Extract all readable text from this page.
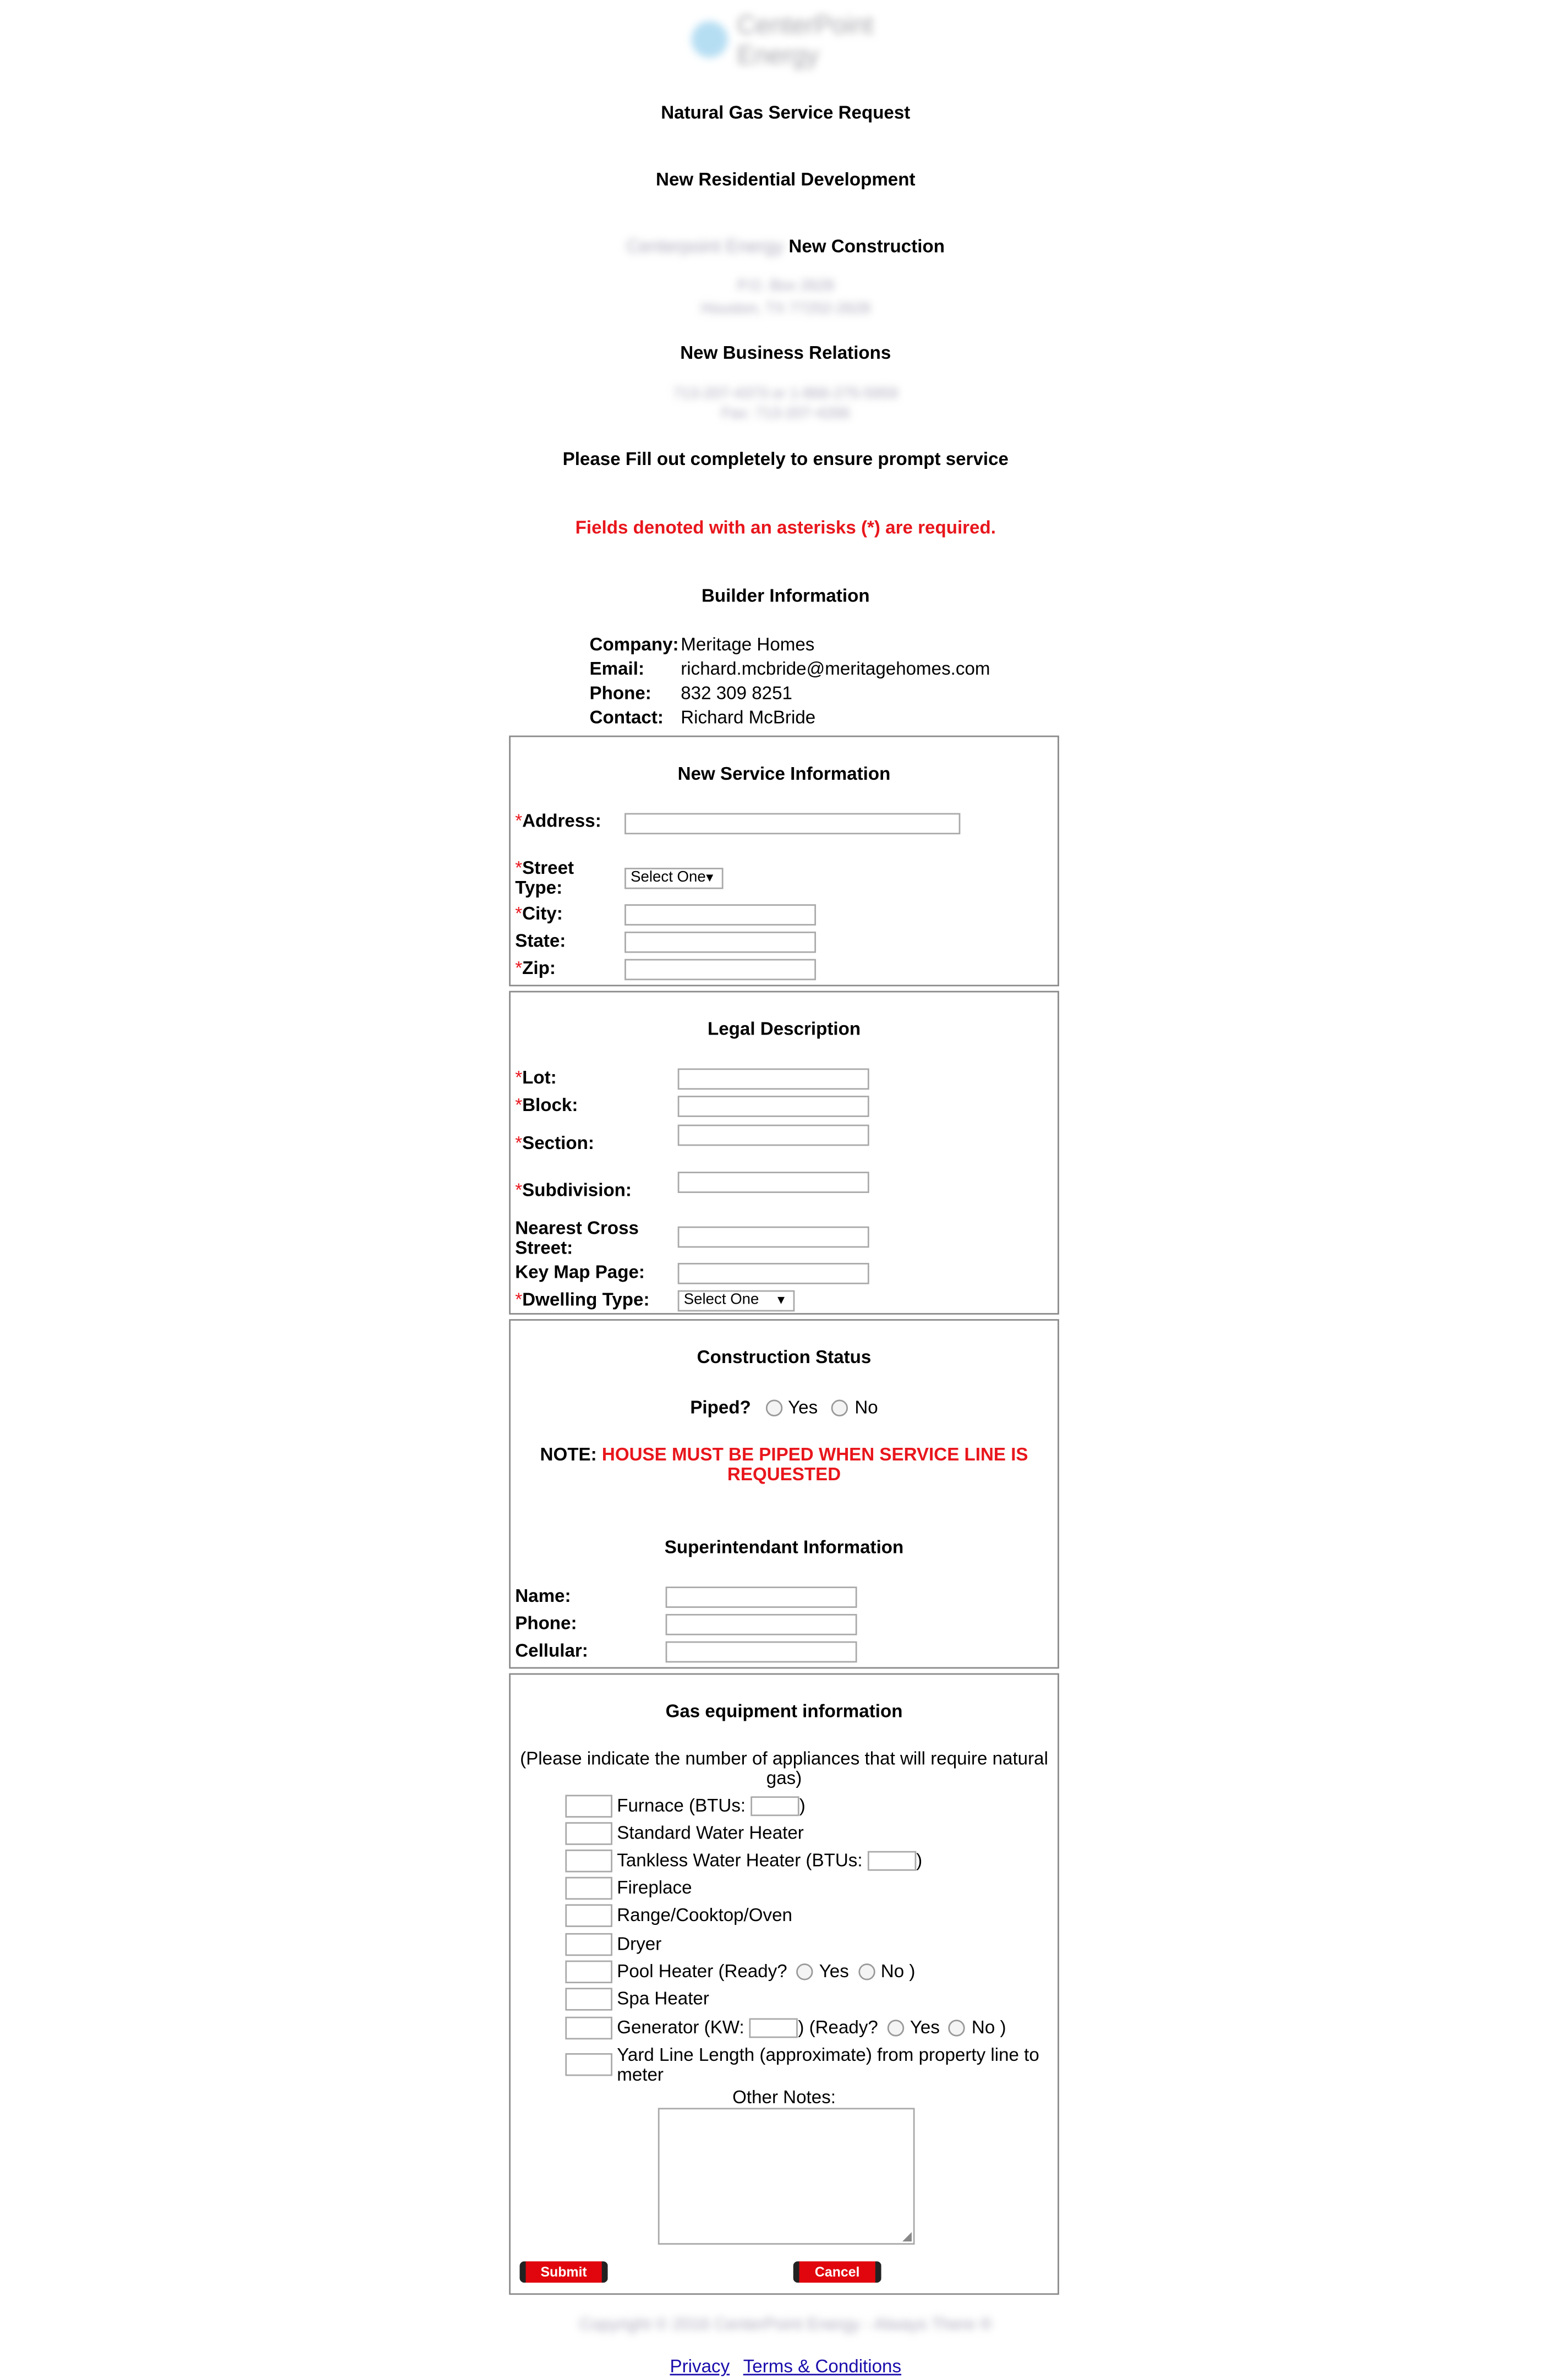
CenterPoint Energy
Natural Gas Service Request
New Residential Development
Centerpoint Energy New Construction
P.O. Box 2628
Houston, TX 77252-2628
New Business Relations
713-207-4373 or 1-866-275-5959
Fax: 713-207-4266
Please Fill out completely to ensure prompt service
Fields denoted with an asterisks (*) are required.
Builder Information
Company: Meritage Homes
Email:	richard.mcbride@meritagehomes.com
Phone:	832 309 8251
Contact:	Richard McBride
New Service Information
*Address:
*Street
Type:	Select One
▼
*City:
State:
*Zip:
Legal Description
*Lot:
*Block:
*Section:
*Subdivision:
Nearest Cross
Street:
Key Map Page:
*Dwelling Type:	Select One	▼
Construction Status
Piped?	Yes	No
NOTE: HOUSE MUST BE PIPED WHEN SERVICE LINE IS
REQUESTED
Superintendant Information
Name:
Phone:
Cellular:
Gas equipment information
(Please indicate the number of appliances that will require natural
gas)
Furnace (BTUs:	)
Standard Water Heater
Tankless Water Heater (BTUs:	)
Fireplace
Range/Cooktop/Oven
Dryer
Pool Heater (Ready?	Yes	No )
Spa Heater
Generator (KW:	) (Ready?	Yes	No )
Yard Line Length (approximate) from property line to
meter
Other Notes:
◢
Submit	Cancel
Copyright © 2016 CenterPoint Energy - Always There ®
Privacy Terms & Conditions
